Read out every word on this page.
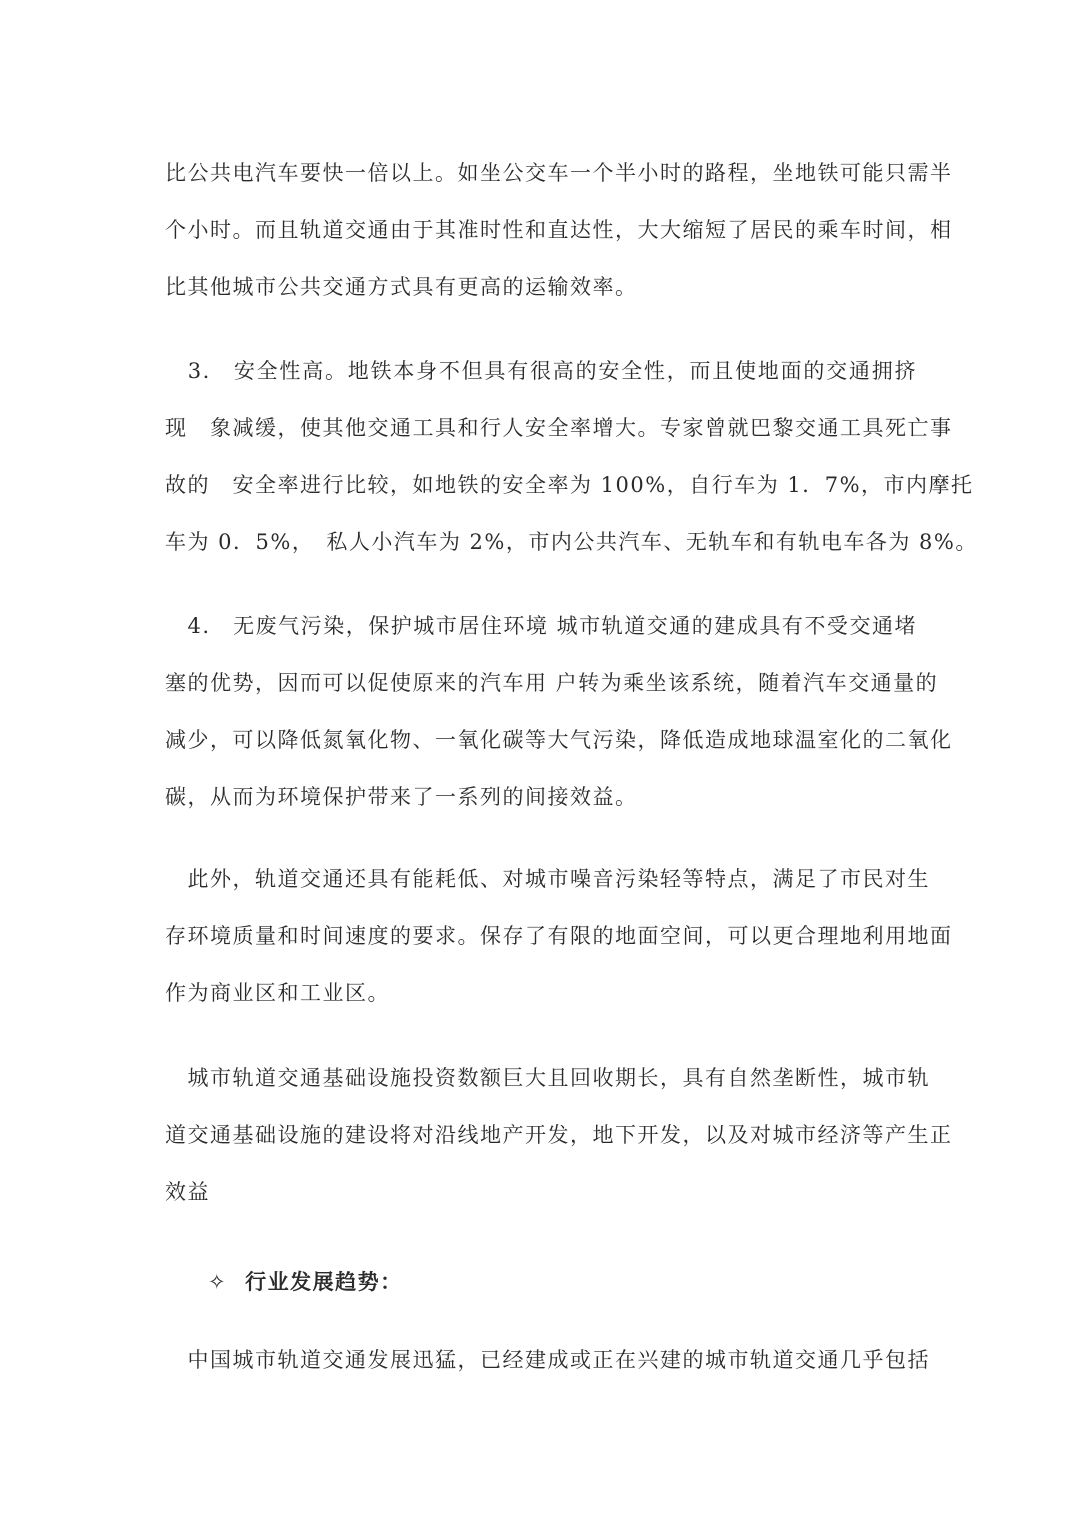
比公共电汽车要快一倍以上。如坐公交车一个半小时的路程，坐地铁可能只需半
个小时。而且轨道交通由于其准时性和直达性，大大缩短了居民的乘车时间，相
比其他城市公共交通方式具有更高的运输效率。
　3.　安全性高。地铁本身不但具有很高的安全性，而且使地面的交通拥挤
现　象减缓，使其他交通工具和行人安全率增大。专家曾就巴黎交通工具死亡事
故的　安全率进行比较，如地铁的安全率为 100%，自行车为 1．7%，市内摩托
车为 0．5%，　私人小汽车为 2%，市内公共汽车、无轨车和有轨电车各为 8%。
　4.　无废气污染，保护城市居住环境 城市轨道交通的建成具有不受交通堵
塞的优势，因而可以促使原来的汽车用 户转为乘坐该系统，随着汽车交通量的
减少，可以降低氮氧化物、一氧化碳等大气污染，降低造成地球温室化的二氧化
碳，从而为环境保护带来了一系列的间接效益。
　此外，轨道交通还具有能耗低、对城市噪音污染轻等特点，满足了市民对生
存环境质量和时间速度的要求。保存了有限的地面空间，可以更合理地利用地面
作为商业区和工业区。
　城市轨道交通基础设施投资数额巨大且回收期长，具有自然垄断性，城市轨
道交通基础设施的建设将对沿线地产开发，地下开发，以及对城市经济等产生正
效益
✧ 行业发展趋势：
　中国城市轨道交通发展迅猛，已经建成或正在兴建的城市轨道交通几乎包括
